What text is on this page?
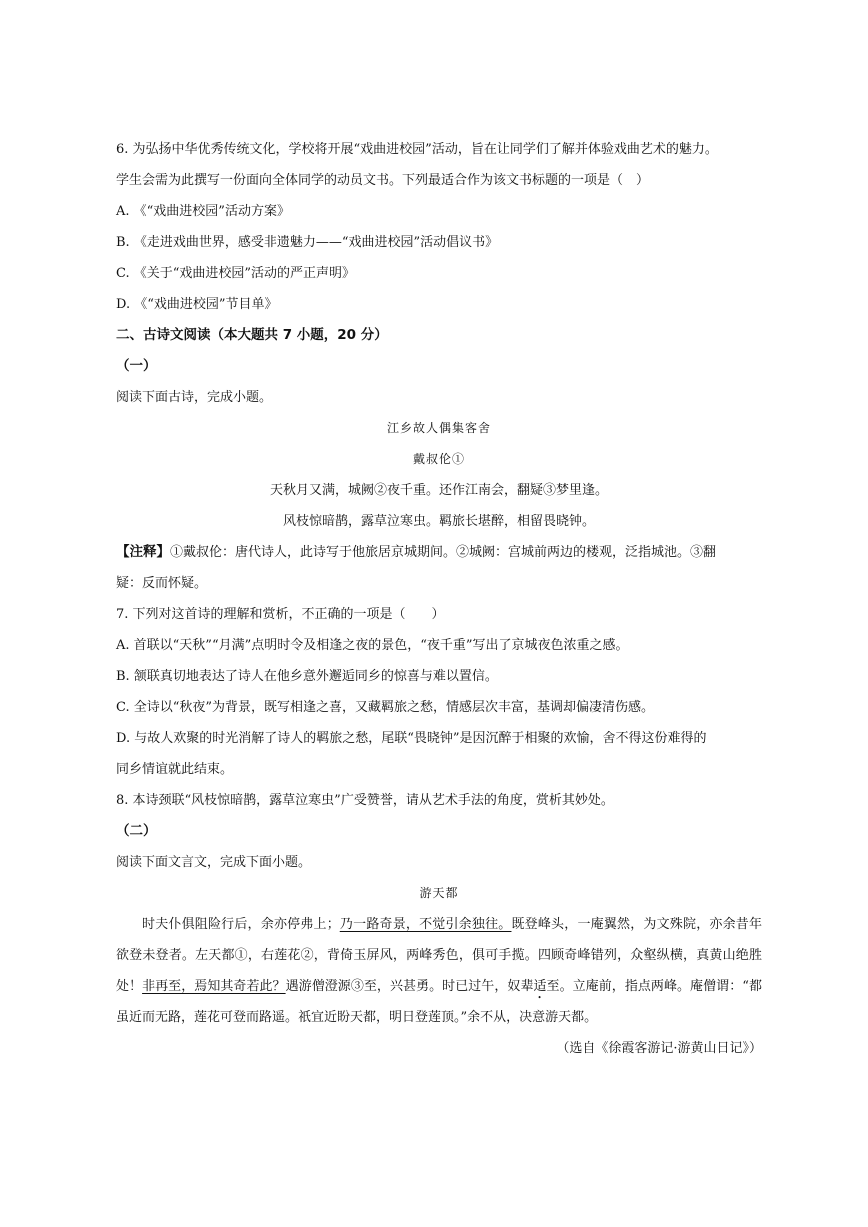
6. 为弘扬中华优秀传统文化，学校将开展“戏曲进校园”活动，旨在让同学们了解并体验戏曲艺术的魅力。
学生会需为此撰写一份面向全体同学的动员文书。下列最适合作为该文书标题的一项是（　）
A. 《“戏曲进校园”活动方案》
B. 《走进戏曲世界，感受非遗魅力——“戏曲进校园”活动倡议书》
C. 《关于“戏曲进校园”活动的严正声明》
D. 《“戏曲进校园”节目单》
二、古诗文阅读（本大题共 7 小题，20 分）
（一）
阅读下面古诗，完成小题。
江乡故人偶集客舍
戴叔伦①
天秋月又满，城阙②夜千重。还作江南会，翻疑③梦里逢。
风枝惊暗鹊，露草泣寒虫。羁旅长堪醉，相留畏晓钟。
【注释】①戴叔伦：唐代诗人，此诗写于他旅居京城期间。②城阙：宫城前两边的楼观，泛指城池。③翻
疑：反而怀疑。
7. 下列对这首诗的理解和赏析，不正确的一项是（　　）
A. 首联以“天秋”“月满”点明时令及相逢之夜的景色，“夜千重”写出了京城夜色浓重之感。
B. 颔联真切地表达了诗人在他乡意外邂逅同乡的惊喜与难以置信。
C. 全诗以“秋夜”为背景，既写相逢之喜，又藏羁旅之愁，情感层次丰富，基调却偏凄清伤感。
D. 与故人欢聚的时光消解了诗人的羁旅之愁，尾联“畏晓钟”是因沉醉于相聚的欢愉，舍不得这份难得的
同乡情谊就此结束。
8. 本诗颈联“风枝惊暗鹊，露草泣寒虫”广受赞誉，请从艺术手法的角度，赏析其妙处。
（二）
阅读下面文言文，完成下面小题。
游天都
时夫仆俱阻险行后，余亦停弗上；乃一路奇景，不觉引余独往。既登峰头，一庵翼然，为文殊院，亦余昔年欲登未登者。左天都①，右莲花②，背倚玉屏风，两峰秀色，俱可手揽。四顾奇峰错列，众壑纵横，真黄山绝胜处！非再至，焉知其奇若此？遇游僧澄源③至，兴甚勇。时已过午，奴辈适至。立庵前，指点两峰。庵僧谓：“都虽近而无路，莲花可登而路遥。祇宜近盼天都，明日登莲顶。”余不从，决意游天都。
（选自《徐霞客游记·游黄山日记》）
